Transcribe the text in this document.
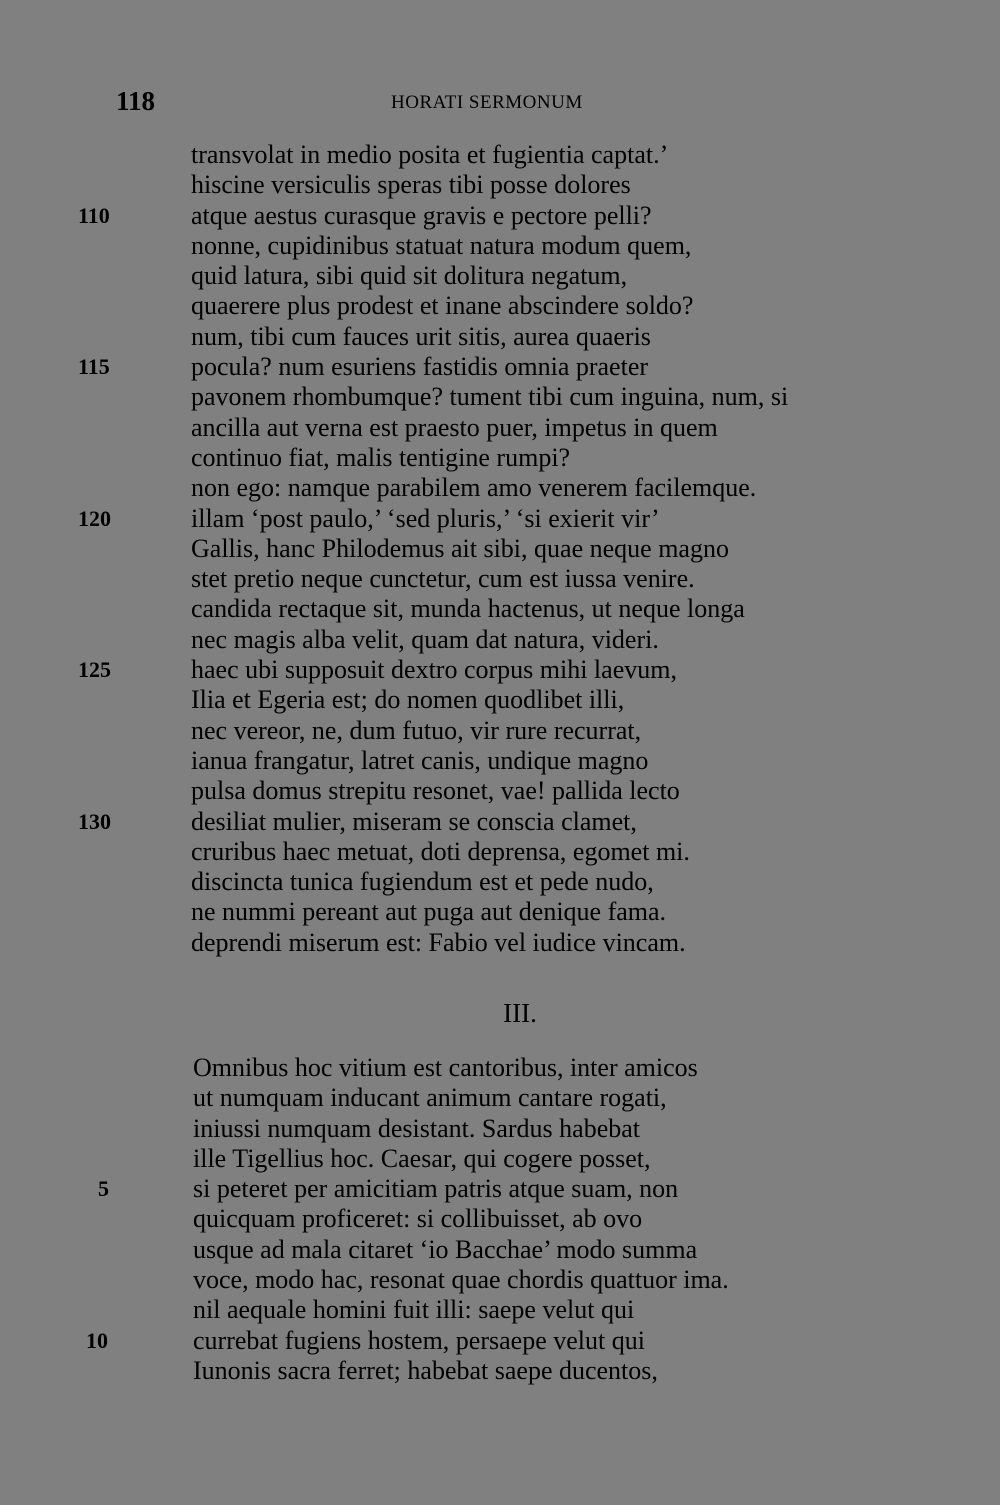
118	HORATI SERMONUM
transvolat in medio posita et fugientia captat.’
hiscine versiculis speras tibi posse dolores
110	atque aestus curasque gravis e pectore pelli?
nonne, cupidinibus statuat natura modum quem,
quid latura, sibi quid sit dolitura negatum,
quaerere plus prodest et inane abscindere soldo?
num, tibi cum fauces urit sitis, aurea quaeris
115	pocula? num esuriens fastidis omnia praeter
pavonem rhombumque? tument tibi cum inguina, num, si
ancilla aut verna est praesto puer, impetus in quem
continuo fiat, malis tentigine rumpi?
non ego: namque parabilem amo venerem facilemque.
120	illam ‘post paulo,’ ‘sed pluris,’ ‘si exierit vir’
Gallis, hanc Philodemus ait sibi, quae neque magno
stet pretio neque cunctetur, cum est iussa venire.
candida rectaque sit, munda hactenus, ut neque longa
nec magis alba velit, quam dat natura, videri.
125	haec ubi supposuit dextro corpus mihi laevum,
Ilia et Egeria est; do nomen quodlibet illi,
nec vereor, ne, dum futuo, vir rure recurrat,
ianua frangatur, latret canis, undique magno
pulsa domus strepitu resonet, vae! pallida lecto
130	desiliat mulier, miseram se conscia clamet,
cruribus haec metuat, doti deprensa, egomet mi.
discincta tunica fugiendum est et pede nudo,
ne nummi pereant aut puga aut denique fama.
deprendi miserum est: Fabio vel iudice vincam.
III.
Omnibus hoc vitium est cantoribus, inter amicos
ut numquam inducant animum cantare rogati,
iniussi numquam desistant. Sardus habebat
ille Tigellius hoc. Caesar, qui cogere posset,
5	si peteret per amicitiam patris atque suam, non
quicquam proficeret: si collibuisset, ab ovo
usque ad mala citaret ‘io Bacchae’ modo summa
voce, modo hac, resonat quae chordis quattuor ima.
nil aequale homini fuit illi: saepe velut qui
10	currebat fugiens hostem, persaepe velut qui
Iunonis sacra ferret; habebat saepe ducentos,
